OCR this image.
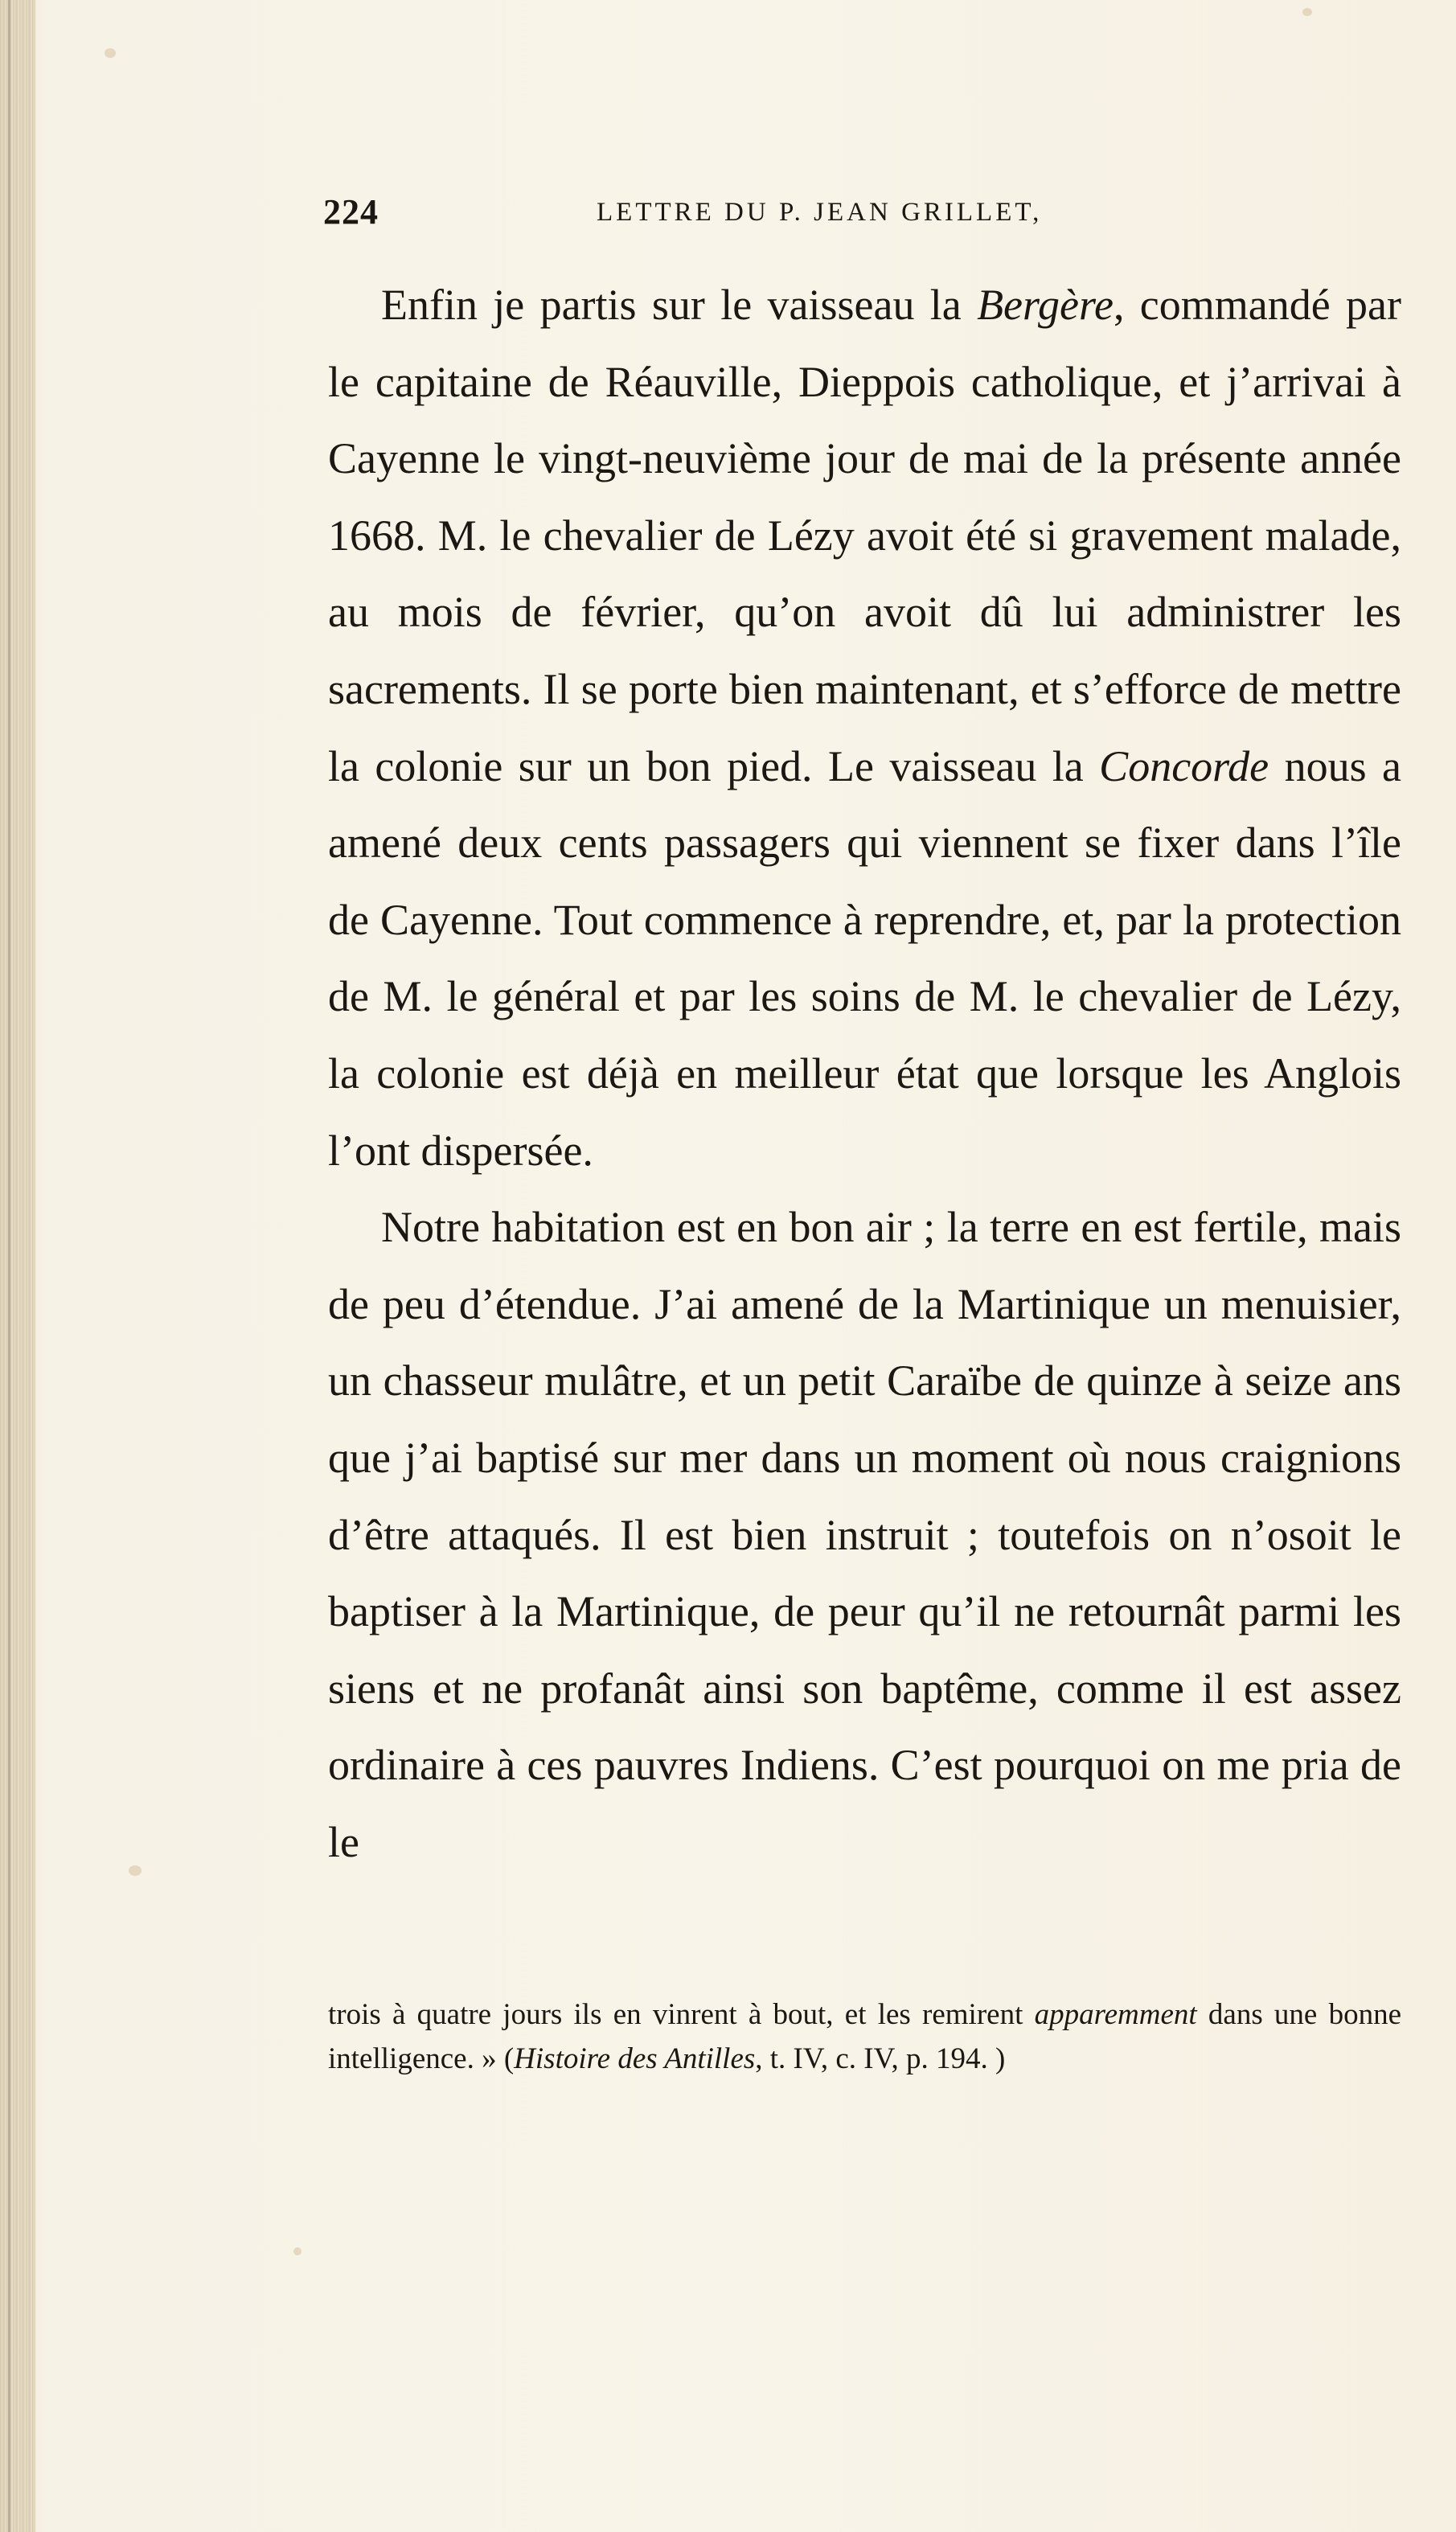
224	LETTRE DU P. JEAN GRILLET,

Enfin je partis sur le vaisseau la Bergère, commandé par le capitaine de Réauville, Dieppois catholique, et j’arrivai à Cayenne le vingt-neuvième jour de mai de la présente année 1668. M. le chevalier de Lézy avoit été si gravement malade, au mois de février, qu’on avoit dû lui administrer les sacrements. Il se porte bien maintenant, et s’efforce de mettre la colonie sur un bon pied. Le vaisseau la Concorde nous a amené deux cents passagers qui viennent se fixer dans l’île de Cayenne. Tout commence à reprendre, et, par la protection de M. le général et par les soins de M. le chevalier de Lézy, la colonie est déjà en meilleur état que lorsque les Anglois l’ont dispersée.

Notre habitation est en bon air ; la terre en est fertile, mais de peu d’étendue. J’ai amené de la Martinique un menuisier, un chasseur mulâtre, et un petit Caraïbe de quinze à seize ans que j’ai baptisé sur mer dans un moment où nous craignions d’être attaqués. Il est bien instruit ; toutefois on n’osoit le baptiser à la Martinique, de peur qu’il ne retournât parmi les siens et ne profanât ainsi son baptême, comme il est assez ordinaire à ces pauvres Indiens. C’est pourquoi on me pria de le

trois à quatre jours ils en vinrent à bout, et les remirent apparemment dans une bonne intelligence. » (Histoire des Antilles, t. IV, c. IV, p. 194. )
